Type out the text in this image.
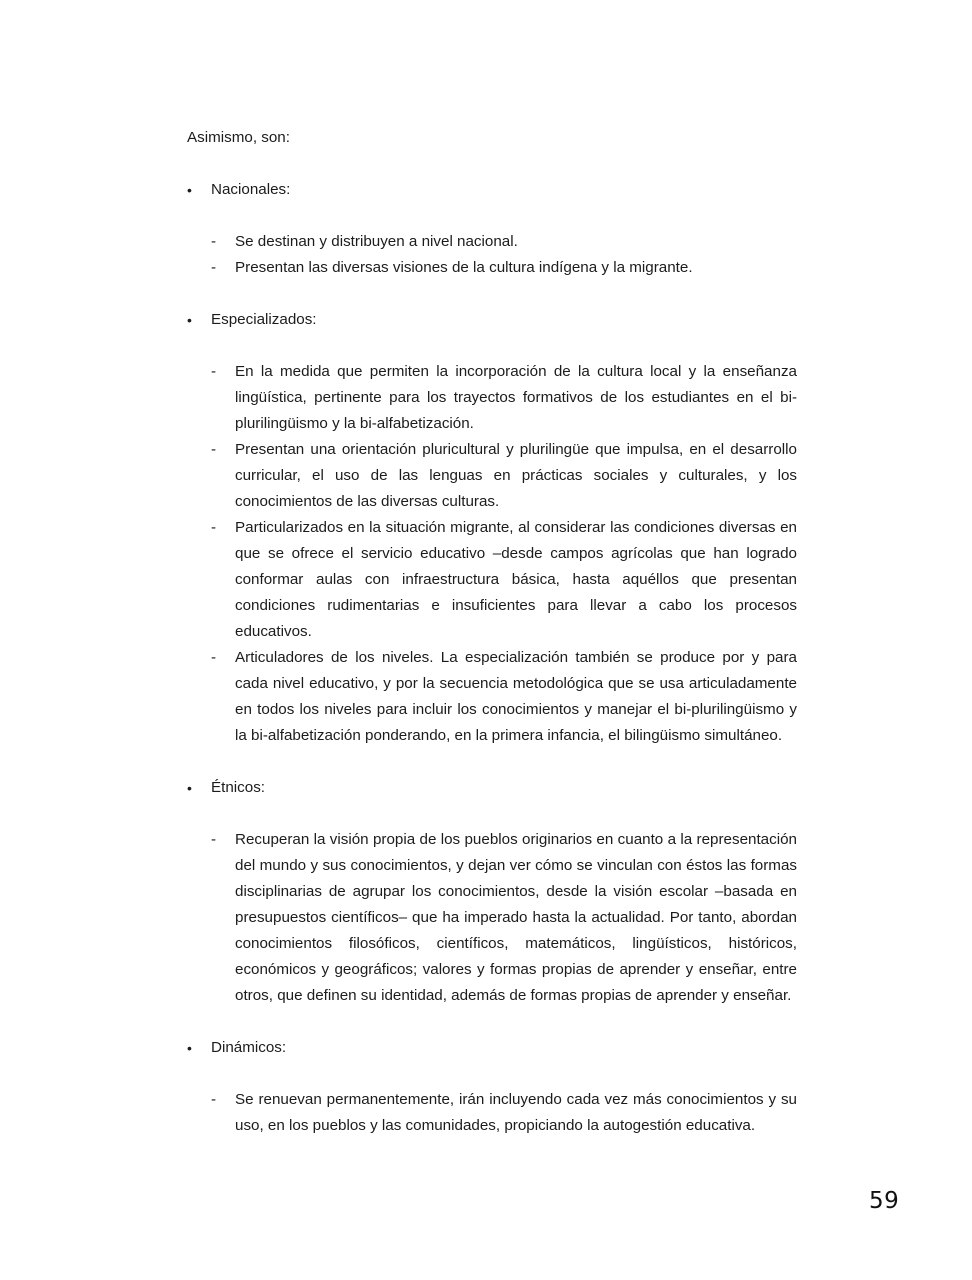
Asimismo, son:

•	Nacionales:
- Se destinan y distribuyen a nivel nacional.
- Presentan las diversas visiones de la cultura indígena y la migrante.
•	Especializados:
- En la medida que permiten la incorporación de la cultura local y la enseñanza lingüística, pertinente para los trayectos formativos de los estudiantes en el bi-plurilingüismo y la bi-alfabetización.
- Presentan una orientación pluricultural y plurilingüe que impulsa, en el desarrollo curricular, el uso de las lenguas en prácticas sociales y culturales, y los conocimientos de las diversas culturas.
- Particularizados en la situación migrante, al considerar las condiciones diversas en que se ofrece el servicio educativo –desde campos agrícolas que han logrado conformar aulas con infraestructura básica, hasta aquéllos que presentan condiciones rudimentarias e insuficientes para llevar a cabo los procesos educativos.
- Articuladores de los niveles. La especialización también se produce por y para cada nivel educativo, y por la secuencia metodológica que se usa articuladamente en todos los niveles para incluir los conocimientos y manejar el bi-plurilingüismo y la bi-alfabetización ponderando, en la primera infancia, el bilingüismo simultáneo.
•	Étnicos:
- Recuperan la visión propia de los pueblos originarios en cuanto a la representación del mundo y sus conocimientos, y dejan ver cómo se vinculan con éstos las formas disciplinarias de agrupar los conocimientos, desde la visión escolar –basada en presupuestos científicos– que ha imperado hasta la actualidad. Por tanto, abordan conocimientos filosóficos, científicos, matemáticos, lingüísticos, históricos, económicos y geográficos; valores y formas propias de aprender y enseñar, entre otros, que definen su identidad, además de formas propias de aprender y enseñar.
•	Dinámicos:
- Se renuevan permanentemente, irán incluyendo cada vez más conocimientos y su uso, en los pueblos y las comunidades, propiciando la autogestión educativa.
59
